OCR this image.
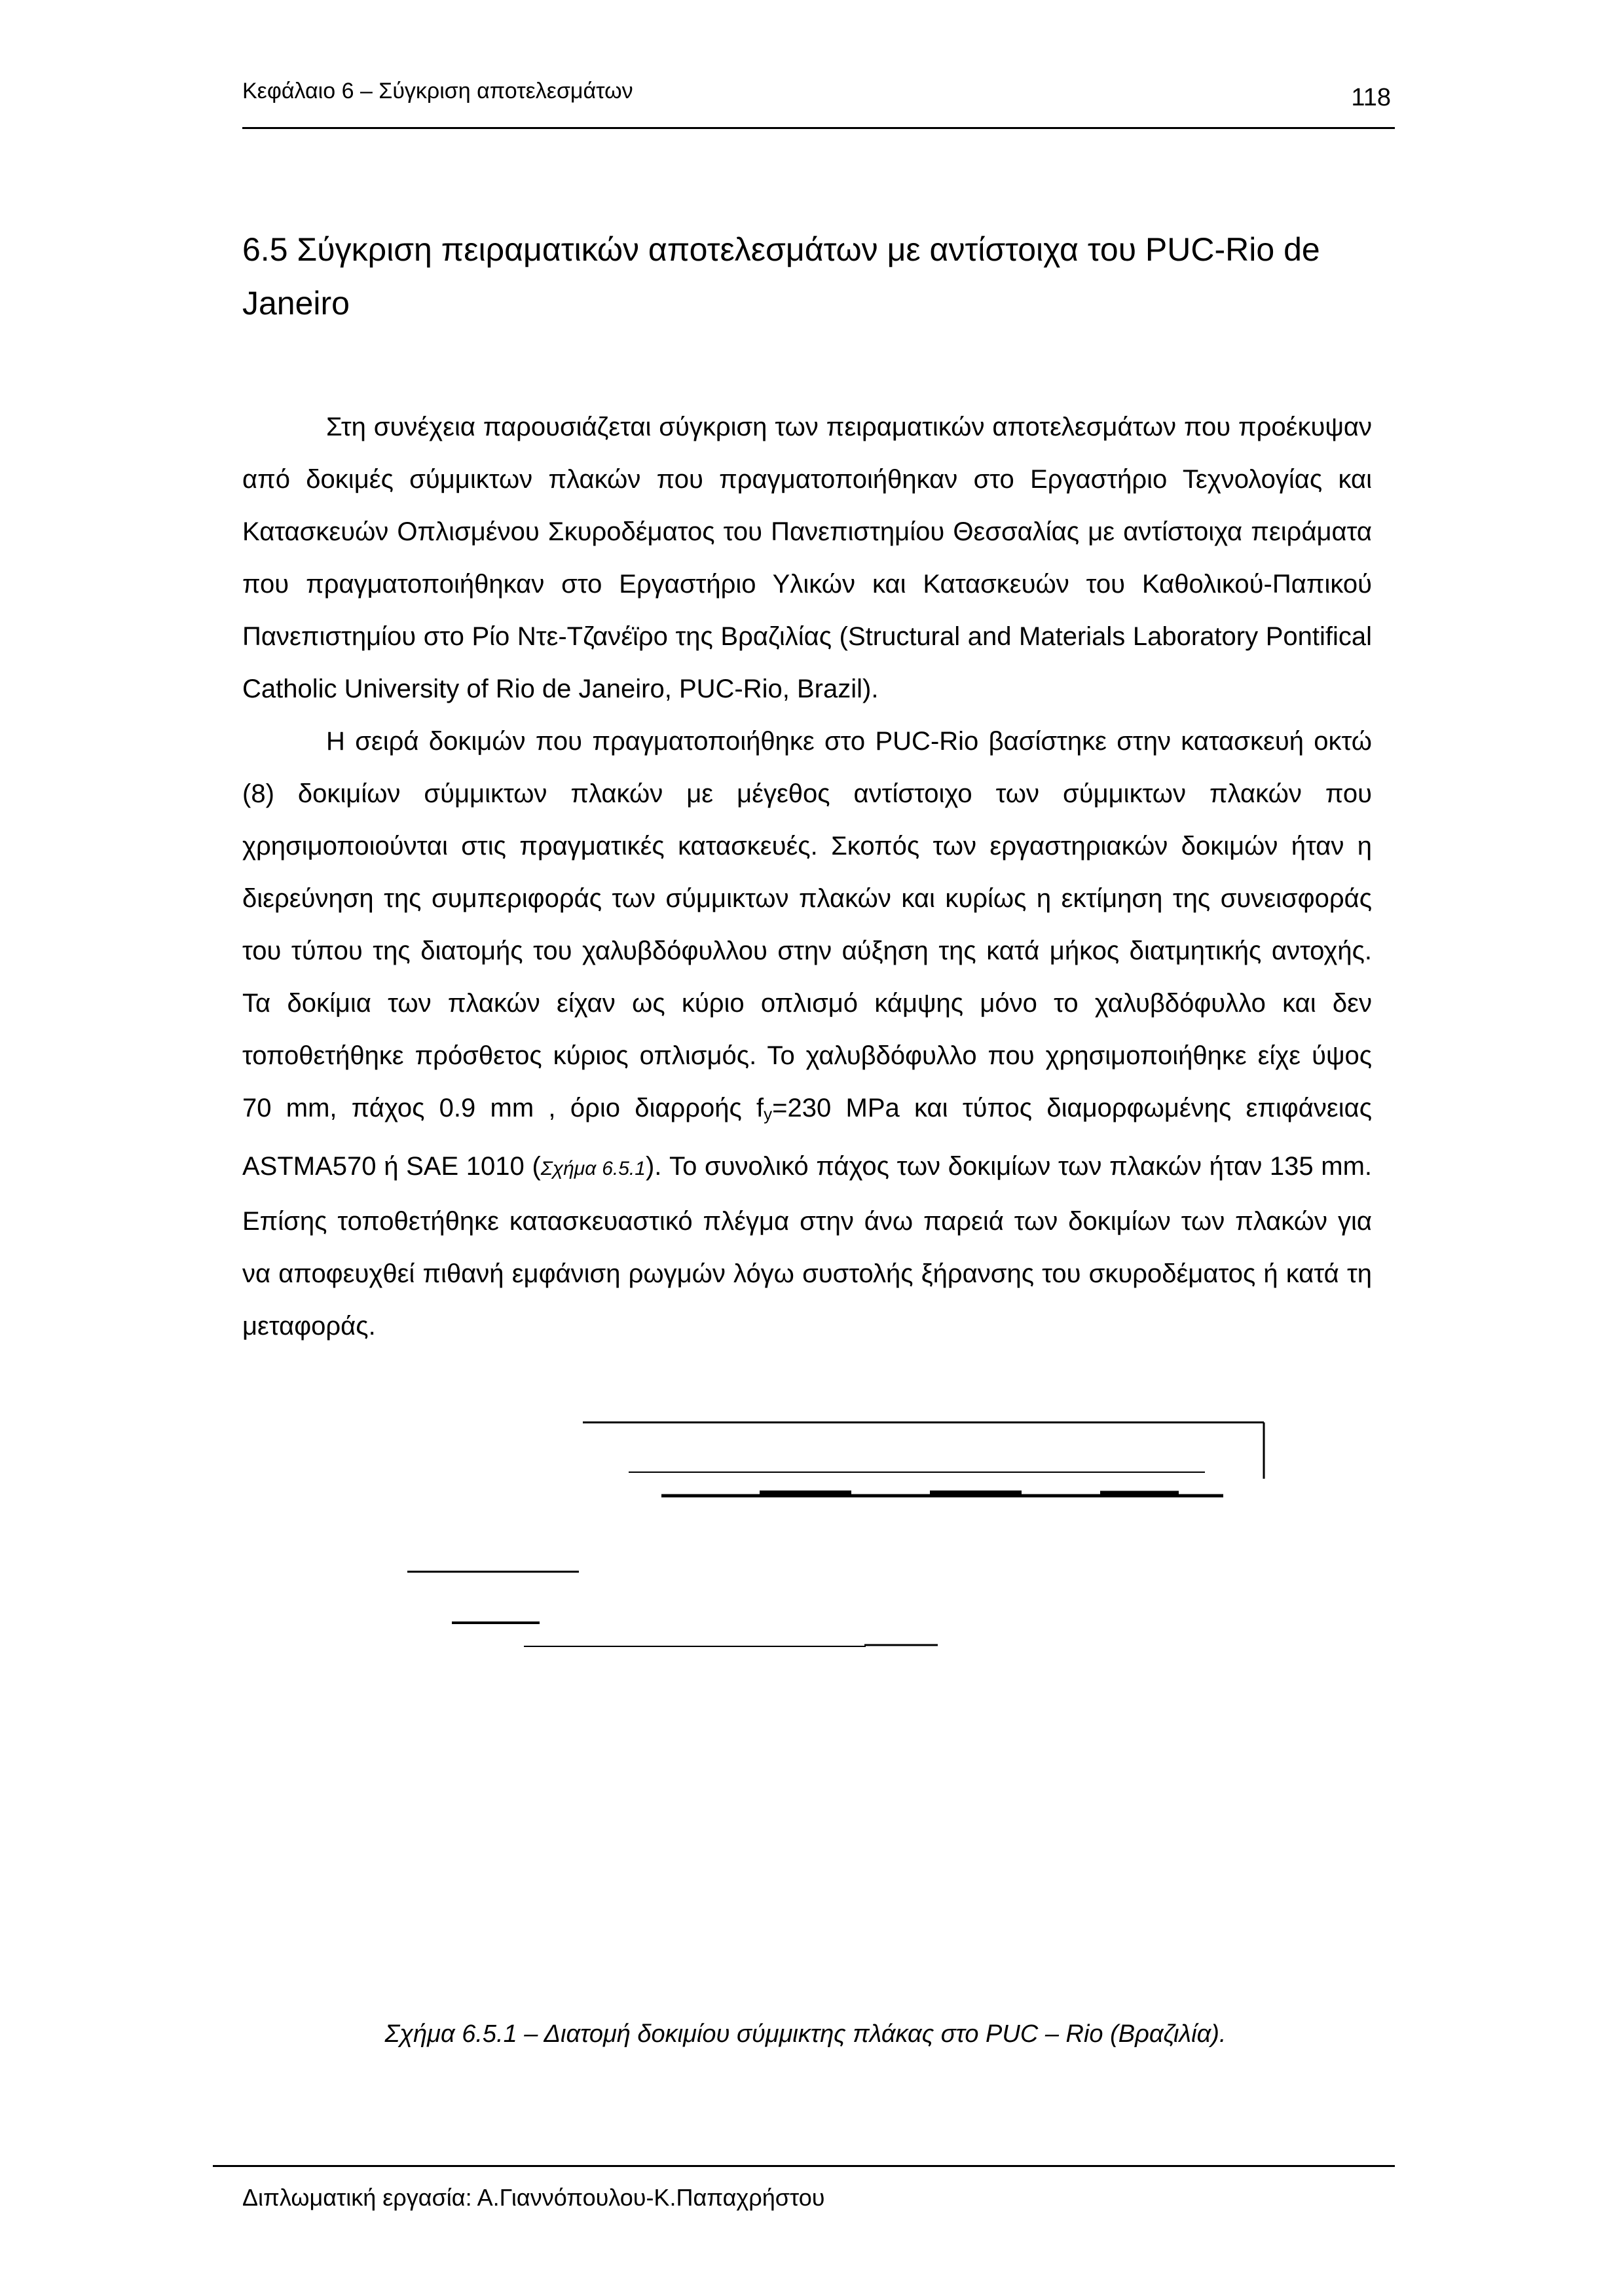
Κεφάλαιο 6 – Σύγκριση αποτελεσμάτων	118
6.5 Σύγκριση πειραματικών αποτελεσμάτων με αντίστοιχα του PUC-Rio de Janeiro

Στη συνέχεια παρουσιάζεται σύγκριση των πειραματικών αποτελεσμάτων που προέκυψαν από δοκιμές σύμμικτων πλακών που πραγματοποιήθηκαν στο Εργαστήριο Τεχνολογίας και Κατασκευών Οπλισμένου Σκυροδέματος του Πανεπιστημίου Θεσσαλίας με αντίστοιχα πειράματα που πραγματοποιήθηκαν στο Εργαστήριο Υλικών και Κατασκευών του Καθολικού-Παπικού Πανεπιστημίου στο Ρίο Ντε-Τζανέϊρο της Βραζιλίας (Structural and Materials Laboratory Pontifical Catholic University of Rio de Janeiro, PUC-Rio, Brazil).

Η σειρά δοκιμών που πραγματοποιήθηκε στο PUC-Rio βασίστηκε στην κατασκευή οκτώ (8) δοκιμίων σύμμικτων πλακών με μέγεθος αντίστοιχο των σύμμικτων πλακών που χρησιμοποιούνται στις πραγματικές κατασκευές. Σκοπός των εργαστηριακών δοκιμών ήταν η διερεύνηση της συμπεριφοράς των σύμμικτων πλακών και κυρίως η εκτίμηση της συνεισφοράς του τύπου της διατομής του χαλυβδόφυλλου στην αύξηση της κατά μήκος διατμητικής αντοχής. Τα δοκίμια των πλακών είχαν ως κύριο οπλισμό κάμψης μόνο το χαλυβδόφυλλο και δεν τοποθετήθηκε πρόσθετος κύριος οπλισμός. Το χαλυβδόφυλλο που χρησιμοποιήθηκε είχε ύψος 70 mm, πάχος 0.9 mm , όριο διαρροής fy=230 MPa και τύπος διαμορφωμένης επιφάνειας ASTMA570 ή SAE 1010 (Σχήμα 6.5.1). Το συνολικό πάχος των δοκιμίων των πλακών ήταν 135 mm. Επίσης τοποθετήθηκε κατασκευαστικό πλέγμα στην άνω παρειά των δοκιμίων των πλακών για να αποφευχθεί πιθανή εμφάνιση ρωγμών λόγω συστολής ξήρανσης του σκυροδέματος ή κατά τη μεταφοράς.

Σχήμα 6.5.1 – Διατομή δοκιμίου σύμμικτης πλάκας στο PUC – Rio (Βραζιλία).
Διπλωματική εργασία: Α.Γιαννόπουλου-Κ.Παπαχρήστου
